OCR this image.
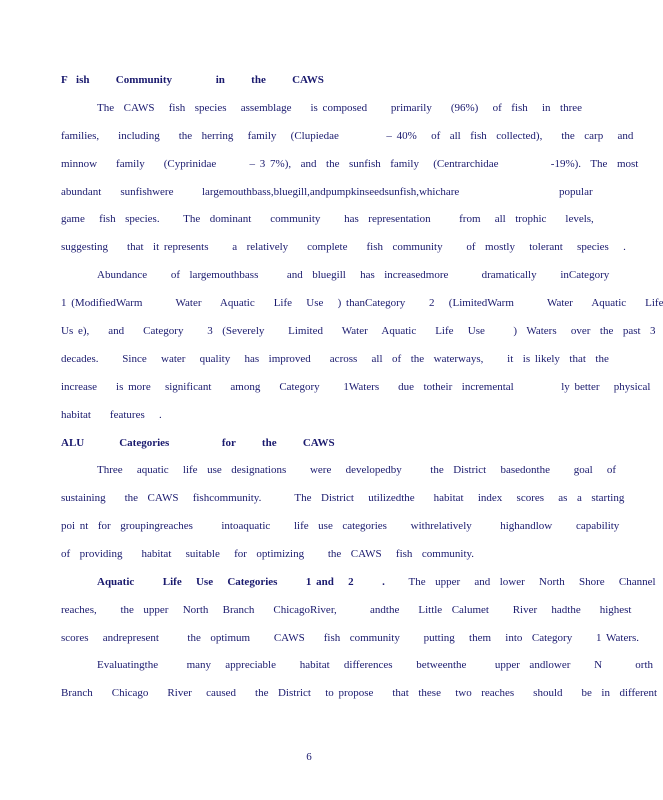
F ish   Community     in   the   CAWS
The  CAWS   fish  species   assemblage    is composed     primarily    (96%)   of  fish   in  three
families,    including    the  herring   family   (Clupiedae          – 40%   of  all  fish  collected),    the  carp   and
minnow    family    (Cyprinidae       – 3 7%),  and  the  sunfish  family   (Centrarchidae           -19%).  The  most
abundant    sunfishwere      largemouthbass,bluegill,andpumpkinseedsunfish,whichare                     popular
game   fish  species.     The  dominant    community     has  representation      from   all  trophic    levels,
suggesting    that  it represents     a  relatively    complete    fish  community     of  mostly   tolerant   species   .
Abundance     of  largemouthbass      and  bluegill   has  increasedmore       dramatically     inCategory
1 (ModifiedWarm       Water    Aquatic    Life   Use   ) thanCategory     2   (LimitedWarm       Water    Aquatic    Life
Us e),    and    Category     3  (Severely     Limited    Water   Aquatic    Life   Use      )  Waters   over  the  past  3
decades.     Since   water   quality   has  improved    across   all  of  the  waterways,     it  is likely  that  the
increase    is more   significant    among    Category     1Waters    due  totheir  incremental          ly better   physical
habitat    features   .
ALU    Categories      for   the   CAWS
Three   aquatic   life  use  designations     were   developedby      the  District   basedonthe     goal   of
sustaining    the  CAWS   fishcommunity.       The  District   utilizedthe    habitat   index   scores   as  a  starting
poi nt  for  groupingreaches      intoaquatic     life  use  categories     withrelatively      highandlow     capability
of  providing    habitat   suitable   for  optimizing     the  CAWS   fish  community.
Aquatic      Life   Use   Categories      1 and   2      . The  upper   and  lower   North   Shore   Channel
reaches,     the  upper   North   Branch    ChicagoRiver,       andthe    Little  Calumet     River   hadthe    highest
scores   andrepresent      the  optimum     CAWS    fish  community     putting   them   into  Category     1 Waters.
Evaluatingthe      many   appreciable     habitat   differences     betweenthe      upper  andlower     N       orth
Branch    Chicago    River   caused    the  District   to propose    that  these   two  reaches    should    be  in  different
6
